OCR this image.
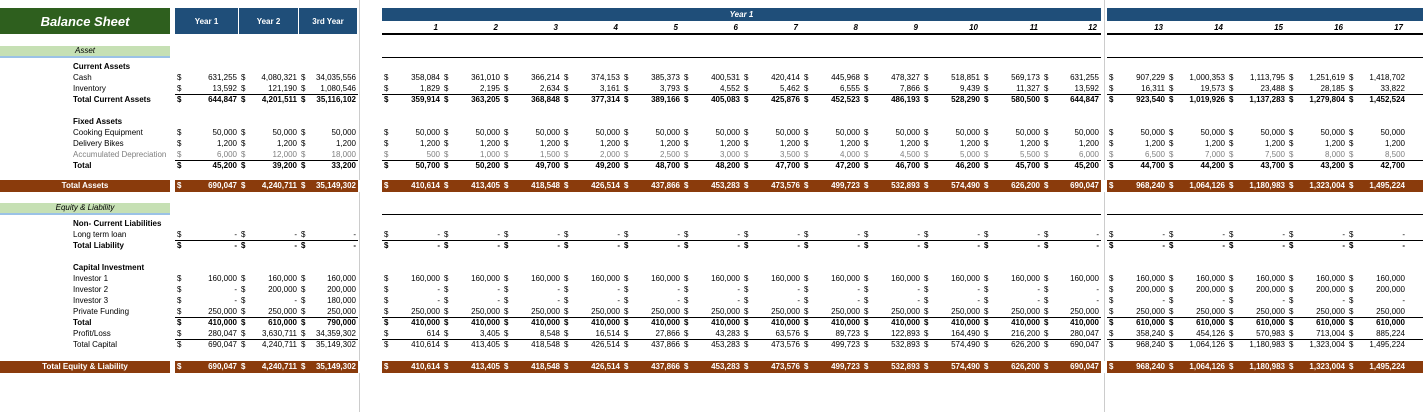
Balance Sheet	Year 1	Year 2	3rd Year
Year 1
1	2	3	4	5	6	7	8	9	10	11	12	13	14	15	16	17
Asset
Equity & Liability
Non- Current Liabilities
Current Assets
Cash	$	631,255 $ 4,080,321 $ 34,035,556	$	358,084 $	361,010 $	366,214 $	374,153 $	385,373 $	400,531 $	420,414 $	445,968 $	478,327 $	518,851 $	569,173 $	631,255 $	907,229 $ 1,000,353 $ 1,113,795 $ 1,251,619 $ 1,418,702
Inventory	$	13,592 $	121,190 $ 1,080,546	$	1,829 $	2,195 $	2,634 $	3,161 $	3,793 $	4,552 $	5,462 $	6,555 $	7,866 $	9,439 $	11,327 $	13,592 $	16,311 $	19,573 $	23,488 $	28,185 $	33,822
Total Current Assets	$	644,847 $ 4,201,511 $ 35,116,102	$	359,914 $	363,205 $	368,848 $	377,314 $	389,166 $	405,083 $	425,876 $	452,523 $	486,193 $	528,290 $	580,500 $	644,847 $	923,540 $ 1,019,926 $ 1,137,283 $ 1,279,804 $ 1,452,524
Fixed Assets
Cooking Equipment	$	50,000 $	50,000 $	50,000	$	50,000 $	50,000 $	50,000 $	50,000 $	50,000 $	50,000 $	50,000 $	50,000 $	50,000 $	50,000 $	50,000 $	50,000 $	50,000 $	50,000 $	50,000 $	50,000 $	50,000
Delivery Bikes	$	1,200 $	1,200 $	1,200	$	1,200 $	1,200 $	1,200 $	1,200 $	1,200 $	1,200 $	1,200 $	1,200 $	1,200 $	1,200 $	1,200 $	1,200 $	1,200 $	1,200 $	1,200 $	1,200 $	1,200
Accumulated Depreciation $	6,000 $	12,000 $	18,000	$	500 $	1,000 $	1,500 $	2,000 $	2,500 $	3,000 $	3,500 $	4,000 $	4,500 $	5,000 $	5,500 $	6,000 $	6,500 $	7,000 $	7,500 $	8,000 $	8,500
Total	$	45,200 $	39,200 $	33,200	$	50,700 $	50,200 $	49,700 $	49,200 $	48,700 $	48,200 $	47,700 $	47,200 $	46,700 $	46,200 $	45,700 $	45,200 $	44,700 $	44,200 $	43,700 $	43,200 $	42,700
Long term loan	$	- $	- $	-	$	- $	- $	- $	- $	- $	- $	- $	- $	- $	- $	- $	- $	- $	- $	- $	- $	-
Total Liability	$	- $	- $	-	$	- $	- $	- $	- $	- $	- $	- $	- $	- $	- $	- $	- $	- $	- $	- $	- $	-
Capital Investment
Investor 1	$	160,000 $	160,000 $	160,000	$	160,000 $	160,000 $	160,000 $	160,000 $	160,000 $	160,000 $	160,000 $	160,000 $	160,000 $	160,000 $	160,000 $	160,000 $	160,000 $	160,000 $	160,000 $	160,000 $	160,000
Investor 2	$	- $	200,000 $	200,000	$	- $	- $	- $	- $	- $	- $	- $	- $	- $	- $	- $	- $	200,000 $	200,000 $	200,000 $	200,000 $	200,000
Investor 3	$	- $	- $	180,000	$	- $	- $	- $	- $	- $	- $	- $	- $	- $	- $	- $	- $	- $	- $	- $	- $	-
Private Funding	$	250,000 $	250,000 $	250,000	$	250,000 $	250,000 $	250,000 $	250,000 $	250,000 $	250,000 $	250,000 $	250,000 $	250,000 $	250,000 $	250,000 $	250,000 $	250,000 $	250,000 $	250,000 $	250,000 $	250,000
Total	$	410,000 $	610,000 $	790,000	$	410,000 $	410,000 $	410,000 $	410,000 $	410,000 $	410,000 $	410,000 $	410,000 $	410,000 $	410,000 $	410,000 $	410,000 $	610,000 $	610,000 $	610,000 $	610,000 $	610,000
Profit/Loss	$	280,047 $ 3,630,711 $ 34,359,302	$	614 $	3,405 $	8,548 $	16,514 $	27,866 $	43,283 $	63,576 $	89,723 $	122,893 $	164,490 $	216,200 $	280,047 $	358,240 $	454,126 $	570,983 $	713,004 $	885,224
Total Capital	$	690,047 $ 4,240,711 $ 35,149,302	$	410,614 $	413,405 $	418,548 $	426,514 $	437,866 $	453,283 $	473,576 $	499,723 $	532,893 $	574,490 $	626,200 $	690,047 $	968,240 $ 1,064,126 $ 1,180,983 $ 1,323,004 $ 1,495,224
Total Assets	$	690,047 $ 4,240,711 $ 35,149,302	$	410,614 $	413,405 $	418,548 $	426,514 $	437,866 $	453,283 $	473,576 $	499,723 $	532,893 $	574,490 $	626,200 $	690,047 $	968,240 $ 1,064,126 $ 1,180,983 $ 1,323,004 $ 1,495,224
Total Equity & Liability	$	690,047 $ 4,240,711 $ 35,149,302	$	410,614 $	413,405 $	418,548 $	426,514 $	437,866 $	453,283 $	473,576 $	499,723 $	532,893 $	574,490 $	626,200 $	690,047 $	968,240 $ 1,064,126 $ 1,180,983 $ 1,323,004 $ 1,495,224
